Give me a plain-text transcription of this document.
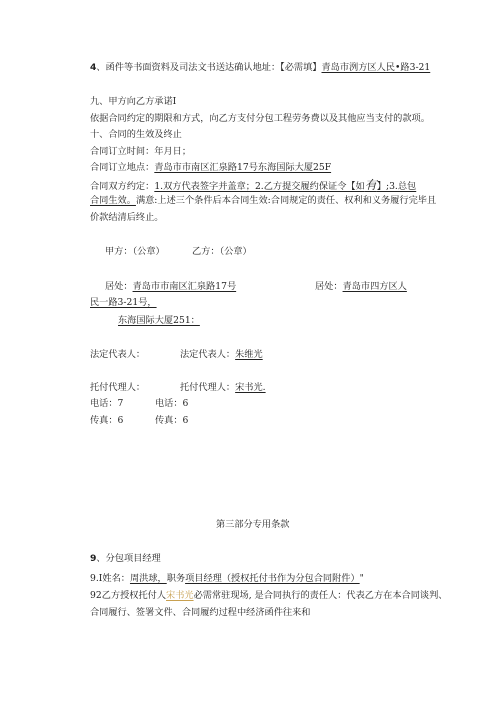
4、函件等书面资料及司法文书送达确认地址：【必需填】青岛市洌方区人民•路3-21
九、甲方向乙方承诺I
依据合同约定的期限和方式，向乙方支付分包工程劳务费以及其他应当支付的款项。
十、合同的生效及终止
合同订立时间：年月日；
合同订立地点：青岛市市南区汇泉路17号东海国际大厦25F
合同双方约定：1.双方代表签字并盖章；2.乙方提交履约保证令【如有】;3.总包
合同生效。满意:上述三个条件后本合同生效:合同规定的责任、权利和义务履行完毕且
价款结清后终止。
甲方：（公章）	乙方：（公章）
居处：青岛市市南区汇泉路17号	居处：青岛市四方区人
民一路3-21号，
东海国际大厦251：
法定代表人：	法定代表人：朱维光
托付代理人：	托付代理人：宋书光.
电话：7	电话：6
传真：6	传真：6
第三部分专用条款
9、分包项目经理
9.I姓名：周洪球，职务项目经理（授权托付书作为分包合同附件）"
92乙方授权托付人宋书光必需常驻现场, 是合同执行的责任人：代表乙方在本合同谈判、
合同履行、签署文件、合同履约过程中经济函件往来和
